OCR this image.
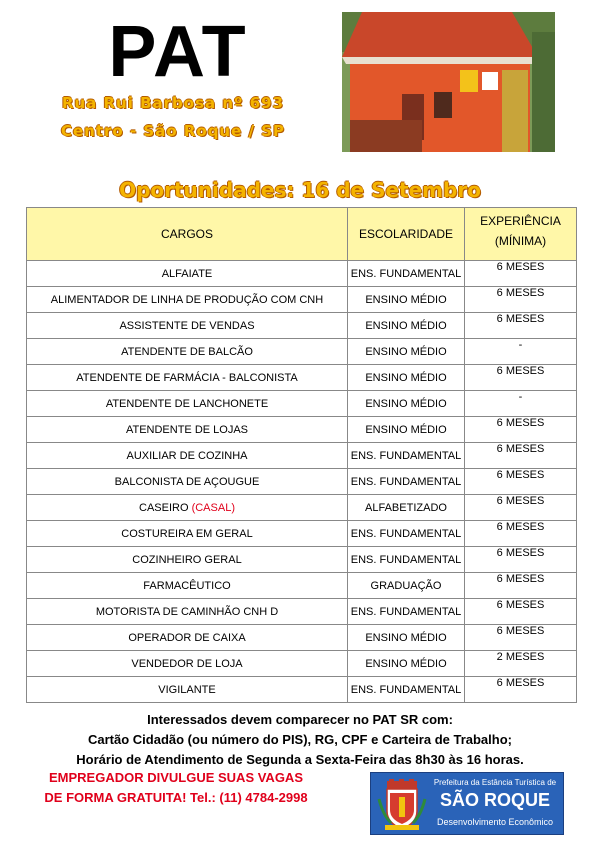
PAT
Rua Rui Barbosa nº 693
Centro - São Roque / SP
Oportunidades: 16 de Setembro
CARGOS	ESCOLARIDADE	EXPERIÊNCIA
(MÍNIMA)
ALFAIATE	ENS. FUNDAMENTAL	6 MESES
ALIMENTADOR DE LINHA DE PRODUÇÃO COM CNH	ENSINO MÉDIO	6 MESES
ASSISTENTE DE VENDAS	ENSINO MÉDIO	6 MESES
ATENDENTE DE BALCÃO	ENSINO MÉDIO	-
ATENDENTE DE FARMÁCIA - BALCONISTA	ENSINO MÉDIO	6 MESES
ATENDENTE DE LANCHONETE	ENSINO MÉDIO	-
ATENDENTE DE LOJAS	ENSINO MÉDIO	6 MESES
AUXILIAR DE COZINHA	ENS. FUNDAMENTAL	6 MESES
BALCONISTA DE AÇOUGUE	ENS. FUNDAMENTAL	6 MESES
CASEIRO (CASAL)	ALFABETIZADO	6 MESES
COSTUREIRA EM GERAL	ENS. FUNDAMENTAL	6 MESES
COZINHEIRO GERAL	ENS. FUNDAMENTAL	6 MESES
FARMACÊUTICO	GRADUAÇÃO	6 MESES
MOTORISTA DE CAMINHÃO CNH D	ENS. FUNDAMENTAL	6 MESES
OPERADOR DE CAIXA	ENSINO MÉDIO	6 MESES
VENDEDOR DE LOJA	ENSINO MÉDIO	2 MESES
VIGILANTE	ENS. FUNDAMENTAL	6 MESES
Interessados devem comparecer no PAT SR com:
Cartão Cidadão (ou número do PIS), RG, CPF e Carteira de Trabalho;
Horário de Atendimento de Segunda a Sexta-Feira das 8h30 às 16 horas.
EMPREGADOR DIVULGUE SUAS VAGAS
DE FORMA GRATUITA! Tel.: (11) 4784-2998
Prefeitura da Estância Turística de
SÃO ROQUE
Desenvolvimento Econômico
